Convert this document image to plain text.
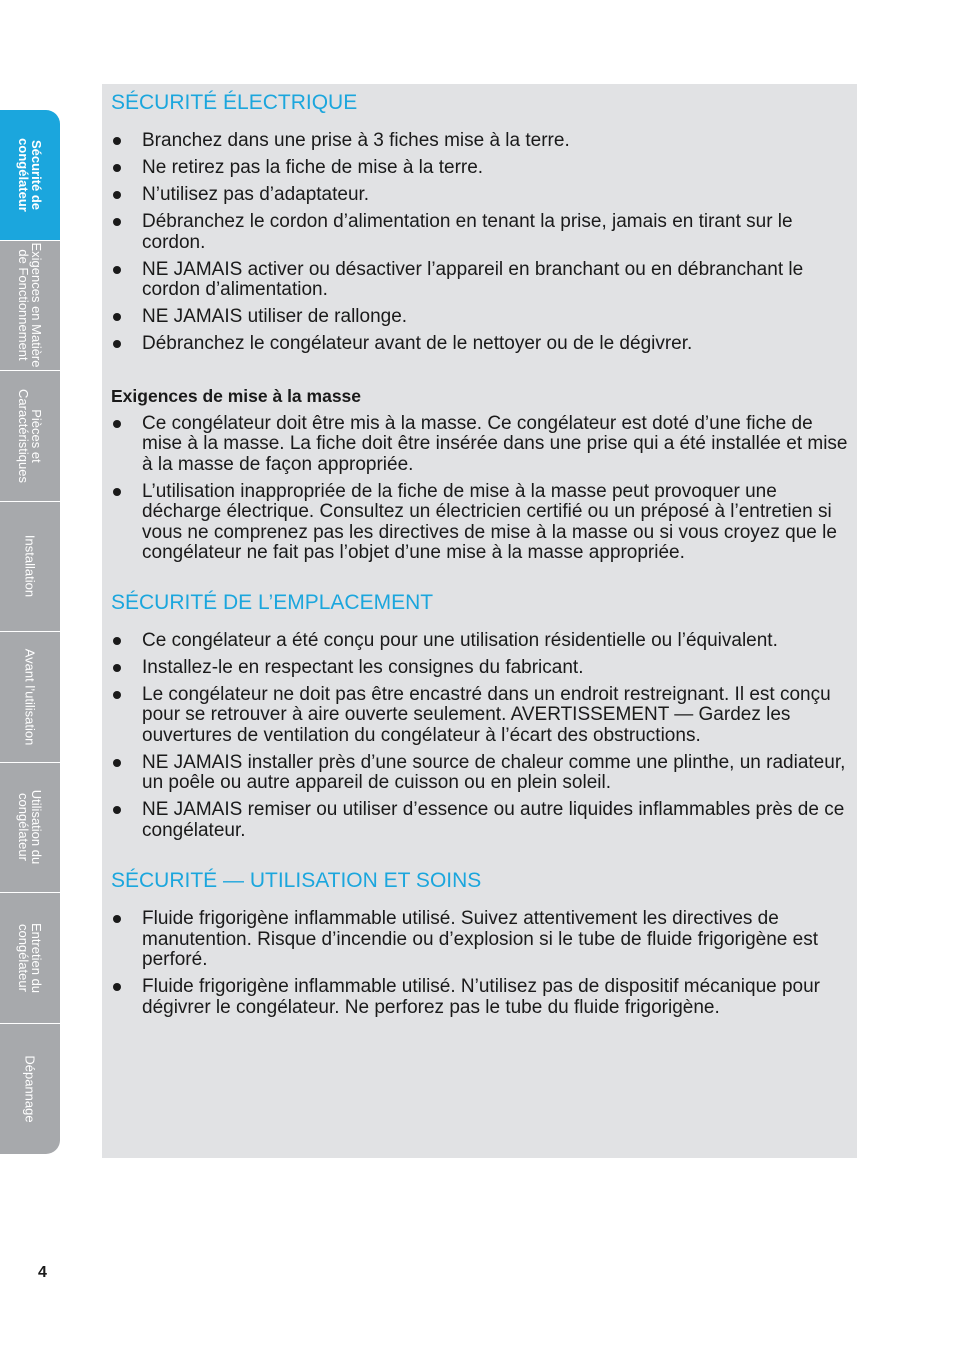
Sécurité de congélateur
Exigences en Matière de Fonctionnement
Pièces et Caractéristiques
Installation
Avant l’utilisation
Utilisation du congélateur
Entretien du congélateur
Dépannage
SÉCURITÉ ÉLECTRIQUE
Branchez dans une prise à 3 fiches mise à la terre.
Ne retirez pas la fiche de mise à la terre.
N’utilisez pas d’adaptateur.
Débranchez le cordon d’alimentation en tenant la prise, jamais en tirant sur le cordon.
NE JAMAIS activer ou désactiver l’appareil en branchant ou en débranchant le cordon d’alimentation.
NE JAMAIS utiliser de rallonge.
Débranchez le congélateur avant de le nettoyer ou de le dégivrer.
Exigences de mise à la masse
Ce congélateur doit être mis à la masse. Ce congélateur est doté d’une fiche de mise à la masse. La fiche doit être insérée dans une prise qui a été installée et mise à la masse de façon appropriée.
L’utilisation inappropriée de la fiche de mise à la masse peut provoquer une décharge électrique. Consultez un électricien certifié ou un préposé à l’entretien si vous ne comprenez pas les directives de mise à la masse ou si vous croyez que le congélateur ne fait pas l’objet d’une mise à la masse appropriée.
SÉCURITÉ DE L’EMPLACEMENT
Ce congélateur a été conçu pour une utilisation résidentielle ou l’équivalent.
Installez-le en respectant les consignes du fabricant.
Le congélateur ne doit pas être encastré dans un endroit restreignant. Il est conçu pour se retrouver à aire ouverte seulement. AVERTISSEMENT — Gardez les ouvertures de ventilation du congélateur à l’écart des obstructions.
NE JAMAIS installer près d’une source de chaleur comme une plinthe, un radiateur, un poêle ou autre appareil de cuisson ou en plein soleil.
NE JAMAIS remiser ou utiliser d’essence ou autre liquides inflammables près de ce congélateur.
SÉCURITÉ — UTILISATION ET SOINS
Fluide frigorigène inflammable utilisé. Suivez attentivement les directives de manutention. Risque d’incendie ou d’explosion si le tube de fluide frigorigène est perforé.
Fluide frigorigène inflammable utilisé. N’utilisez pas de dispositif mécanique pour dégivrer le congélateur. Ne perforez pas le tube du fluide frigorigène.
4
